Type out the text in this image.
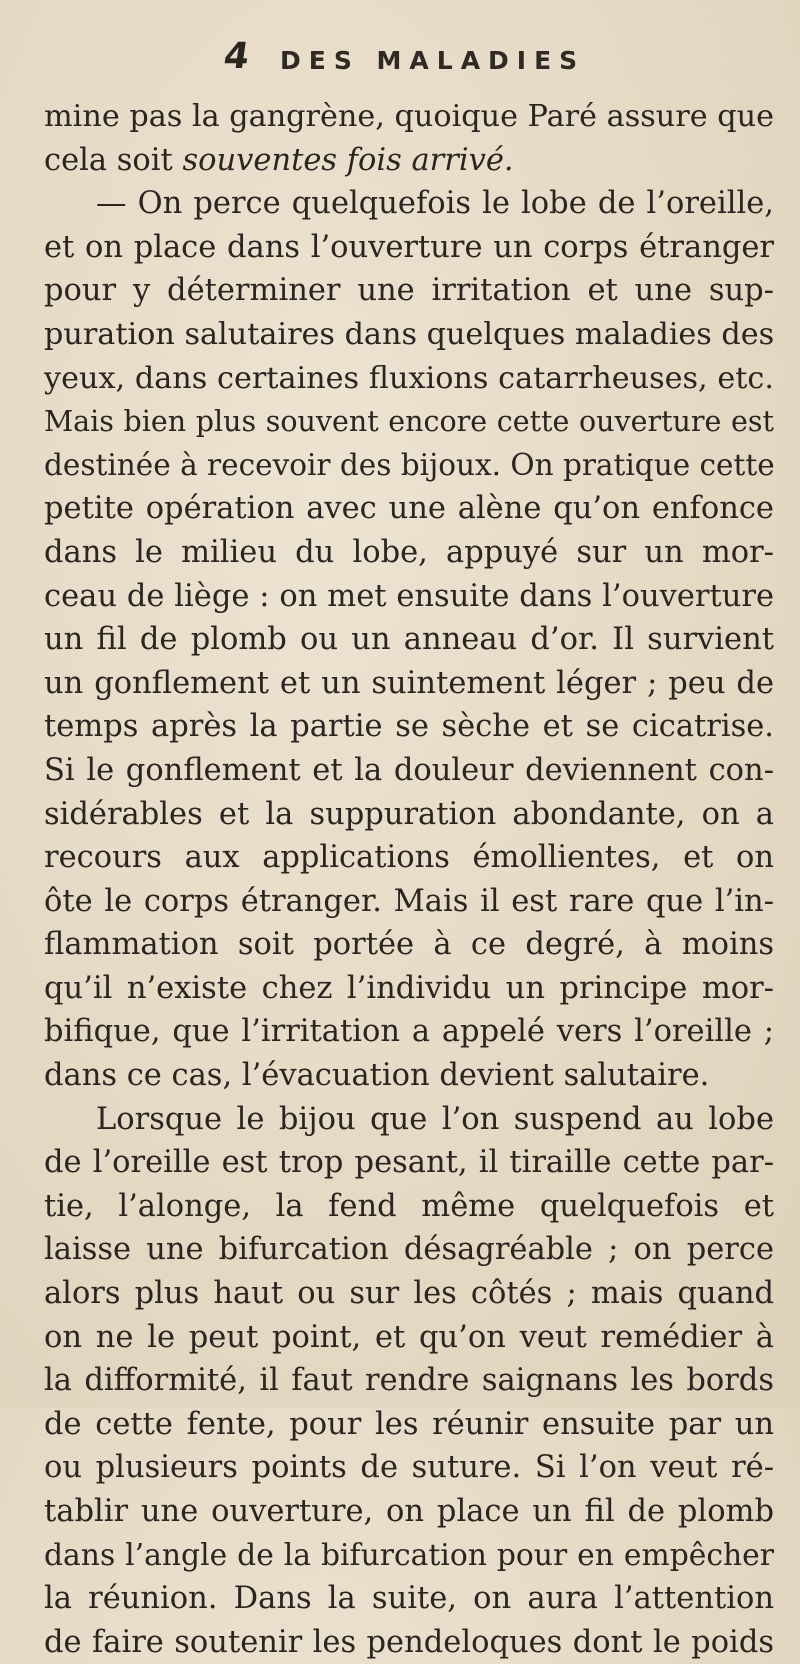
4 DES MALADIES
mine pas la gangrène, quoique Paré assure que
cela soit souventes fois arrivé.
— On perce quelquefois le lobe de l’oreille,
et on place dans l’ouverture un corps étranger
pour y déterminer une irritation et une sup-
puration salutaires dans quelques maladies des
yeux, dans certaines fluxions catarrheuses, etc.
Mais bien plus souvent encore cette ouverture est
destinée à recevoir des bijoux. On pratique cette
petite opération avec une alène qu’on enfonce
dans le milieu du lobe, appuyé sur un mor-
ceau de liège : on met ensuite dans l’ouverture
un fil de plomb ou un anneau d’or. Il survient
un gonflement et un suintement léger ; peu de
temps après la partie se sèche et se cicatrise.
Si le gonflement et la douleur deviennent con-
sidérables et la suppuration abondante, on a
recours aux applications émollientes, et on
ôte le corps étranger. Mais il est rare que l’in-
flammation soit portée à ce degré, à moins
qu’il n’existe chez l’individu un principe mor-
bifique, que l’irritation a appelé vers l’oreille ;
dans ce cas, l’évacuation devient salutaire.
Lorsque le bijou que l’on suspend au lobe
de l’oreille est trop pesant, il tiraille cette par-
tie, l’alonge, la fend même quelquefois et
laisse une bifurcation désagréable ; on perce
alors plus haut ou sur les côtés ; mais quand
on ne le peut point, et qu’on veut remédier à
la difformité, il faut rendre saignans les bords
de cette fente, pour les réunir ensuite par un
ou plusieurs points de suture. Si l’on veut ré-
tablir une ouverture, on place un fil de plomb
dans l’angle de la bifurcation pour en empêcher
la réunion. Dans la suite, on aura l’attention
de faire soutenir les pendeloques dont le poids
